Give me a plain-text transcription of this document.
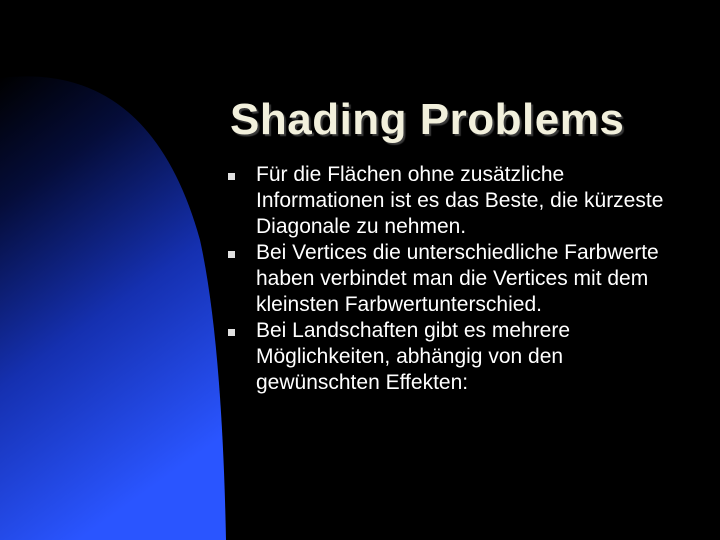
Shading Problems
Für die Flächen ohne zusätzliche Informationen ist es das Beste, die kürzeste Diagonale zu nehmen.
Bei Vertices die unterschiedliche Farbwerte haben verbindet man die Vertices mit dem kleinsten Farbwertunterschied.
Bei Landschaften gibt es mehrere Möglichkeiten, abhängig von den gewünschten Effekten:
